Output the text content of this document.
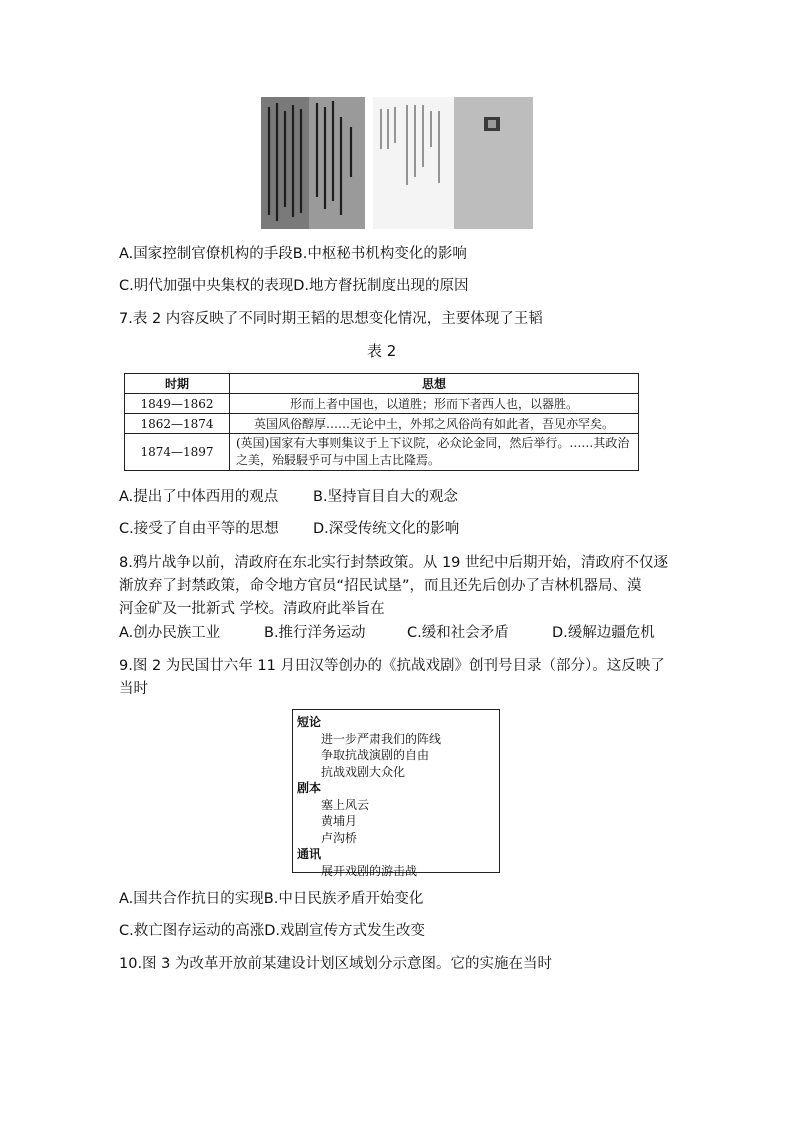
A.国家控制官僚机构的手段B.中枢秘书机构变化的影响
C.明代加强中央集权的表现D.地方督抚制度出现的原因
7.表 2 内容反映了不同时期王韬的思想变化情况，主要体现了王韬
表 2
时期	思想
1849—1862	形而上者中国也，以道胜；形而下者西人也，以器胜。
1862—1874	英国风俗醇厚……无论中土，外邦之风俗尚有如此者，吾见亦罕矣。
1874—1897	(英国)国家有大事则集议于上下议院，必众论金同，然后举行。……其政治之美，殆駸駸乎可与中国上古比隆焉。
A.提出了中体西用的观点 B.坚持盲目自大的观念
C.接受了自由平等的思想 D.深受传统文化的影响
8.鸦片战争以前，清政府在东北实行封禁政策。从 19 世纪中后期开始，清政府不仅逐
渐放弃了封禁政策，命令地方官员“招民试垦”，而且还先后创办了吉林机器局、漠
河金矿及一批新式 学校。清政府此举旨在
A.创办民族工业	B.推行洋务运动	C.缓和社会矛盾	D.缓解边疆危机
9.图 2 为民国廿六年 11 月田汉等创办的《抗战戏剧》创刊号目录（部分）。这反映了
当时
短论
进一步严肃我们的阵线
争取抗战演剧的自由
抗战戏剧大众化
剧本
塞上风云
黄埔月
卢沟桥
通讯
展开戏剧的游击战
A.国共合作抗日的实现B.中日民族矛盾开始变化
C.救亡图存运动的高涨D.戏剧宣传方式发生改变
10.图 3 为改革开放前某建设计划区域划分示意图。它的实施在当时
